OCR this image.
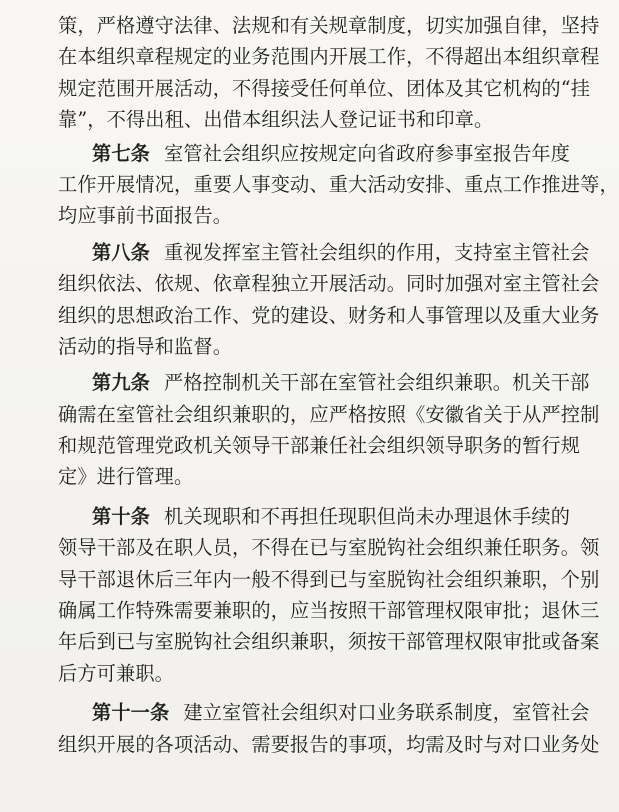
策，严格遵守法律、法规和有关规章制度，切实加强自律，坚持
在本组织章程规定的业务范围内开展工作，不得超出本组织章程
规定范围开展活动，不得接受任何单位、团体及其它机构的“挂
靠”，不得出租、出借本组织法人登记证书和印章。
第七条 室管社会组织应按规定向省政府参事室报告年度
工作开展情况，重要人事变动、重大活动安排、重点工作推进等，
均应事前书面报告。
第八条 重视发挥室主管社会组织的作用，支持室主管社会
组织依法、依规、依章程独立开展活动。同时加强对室主管社会
组织的思想政治工作、党的建设、财务和人事管理以及重大业务
活动的指导和监督。
第九条 严格控制机关干部在室管社会组织兼职。机关干部
确需在室管社会组织兼职的，应严格按照《安徽省关于从严控制
和规范管理党政机关领导干部兼任社会组织领导职务的暂行规
定》进行管理。
第十条 机关现职和不再担任现职但尚未办理退休手续的
领导干部及在职人员，不得在已与室脱钩社会组织兼任职务。领
导干部退休后三年内一般不得到已与室脱钩社会组织兼职，个别
确属工作特殊需要兼职的，应当按照干部管理权限审批；退休三
年后到已与室脱钩社会组织兼职，须按干部管理权限审批或备案
后方可兼职。
第十一条 建立室管社会组织对口业务联系制度，室管社会
组织开展的各项活动、需要报告的事项，均需及时与对口业务处
